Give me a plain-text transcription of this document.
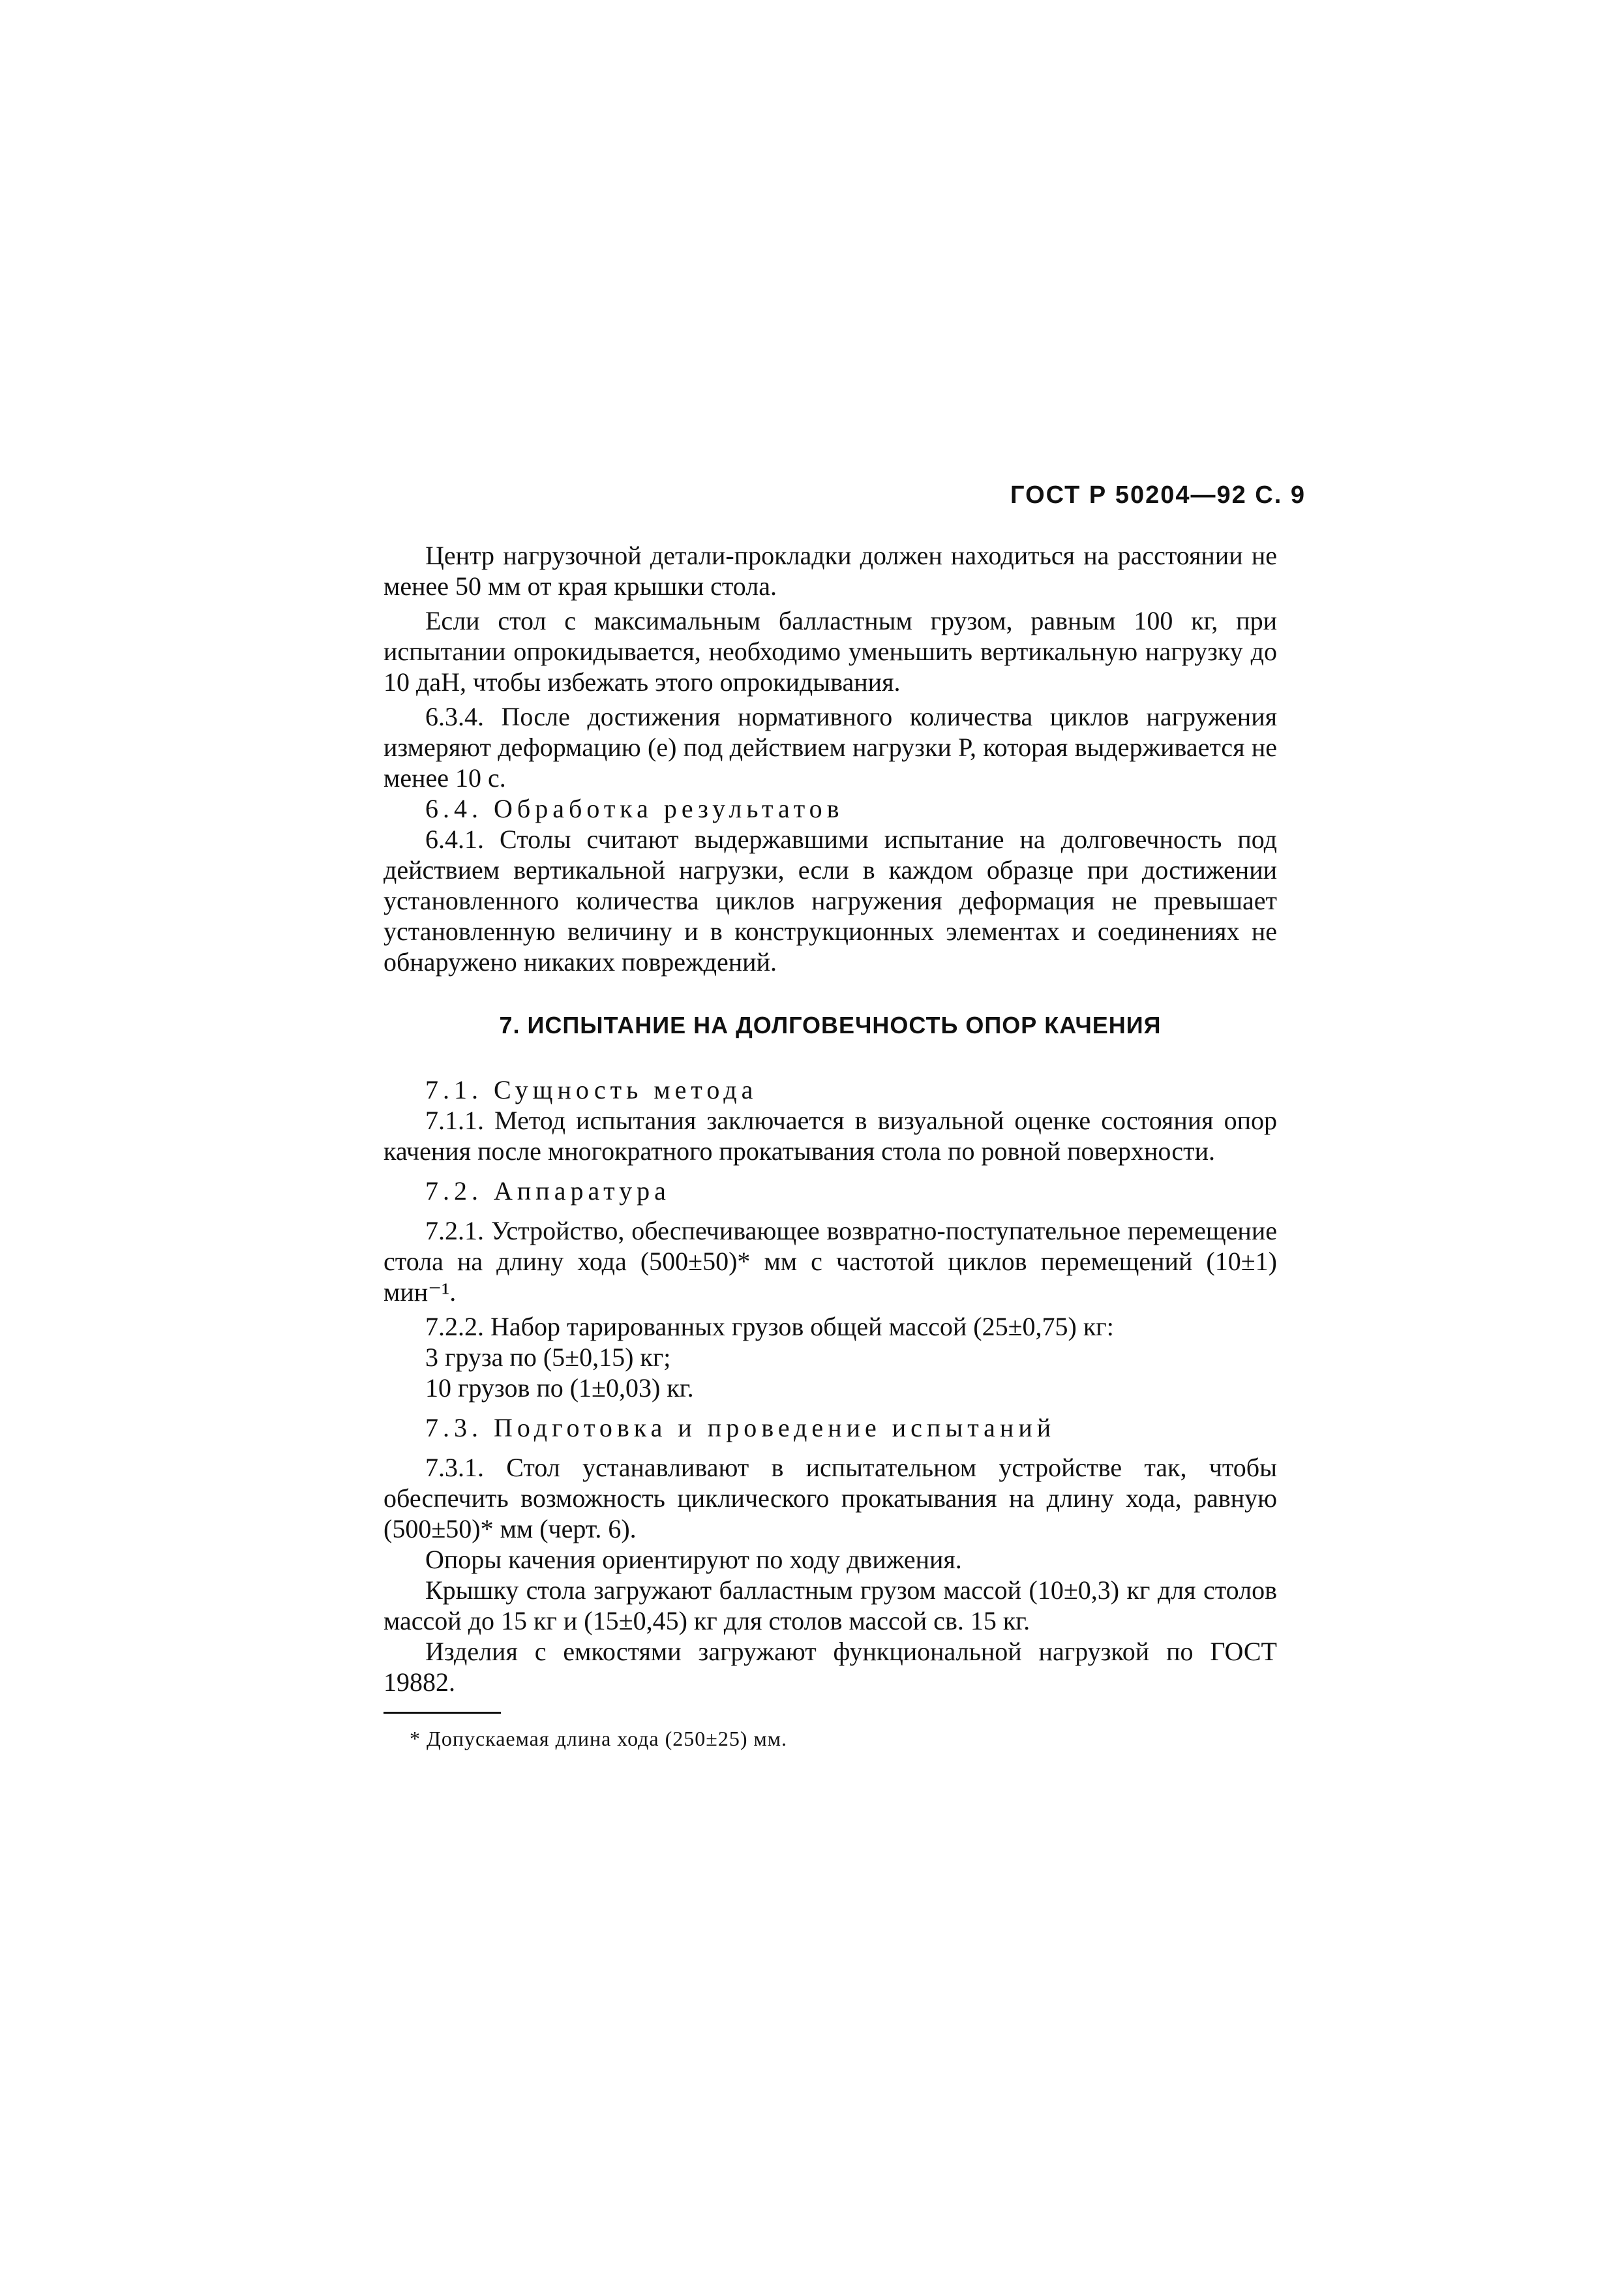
ГОСТ Р 50204—92 С. 9

Центр нагрузочной детали-прокладки должен находиться на расстоянии не менее 50 мм от края крышки стола.

Если стол с максимальным балластным грузом, равным 100 кг, при испытании опрокидывается, необходимо уменьшить вертикальную нагрузку до 10 даН, чтобы избежать этого опрокидывания.

6.3.4. После достижения нормативного количества циклов нагружения измеряют деформацию (e) под действием нагрузки P, которая выдерживается не менее 10 с.

6.4. Обработка результатов

6.4.1. Столы считают выдержавшими испытание на долговечность под действием вертикальной нагрузки, если в каждом образце при достижении установленного количества циклов нагружения деформация не превышает установленную величину и в конструкционных элементах и соединениях не обнаружено никаких повреждений.

7. ИСПЫТАНИЕ НА ДОЛГОВЕЧНОСТЬ ОПОР КАЧЕНИЯ

7.1. Сущность метода

7.1.1. Метод испытания заключается в визуальной оценке состояния опор качения после многократного прокатывания стола по ровной поверхности.

7.2. Аппаратура

7.2.1. Устройство, обеспечивающее возвратно-поступательное перемещение стола на длину хода (500±50)* мм с частотой циклов перемещений (10±1) мин⁻¹.

7.2.2. Набор тарированных грузов общей массой (25±0,75) кг:

3 груза по (5±0,15) кг;

10 грузов по (1±0,03) кг.

7.3. Подготовка и проведение испытаний

7.3.1. Стол устанавливают в испытательном устройстве так, чтобы обеспечить возможность циклического прокатывания на длину хода, равную (500±50)* мм (черт. 6).

Опоры качения ориентируют по ходу движения.

Крышку стола загружают балластным грузом массой (10±0,3) кг для столов массой до 15 кг и (15±0,45) кг для столов массой св. 15 кг.

Изделия с емкостями загружают функциональной нагрузкой по ГОСТ 19882.

* Допускаемая длина хода (250±25) мм.
